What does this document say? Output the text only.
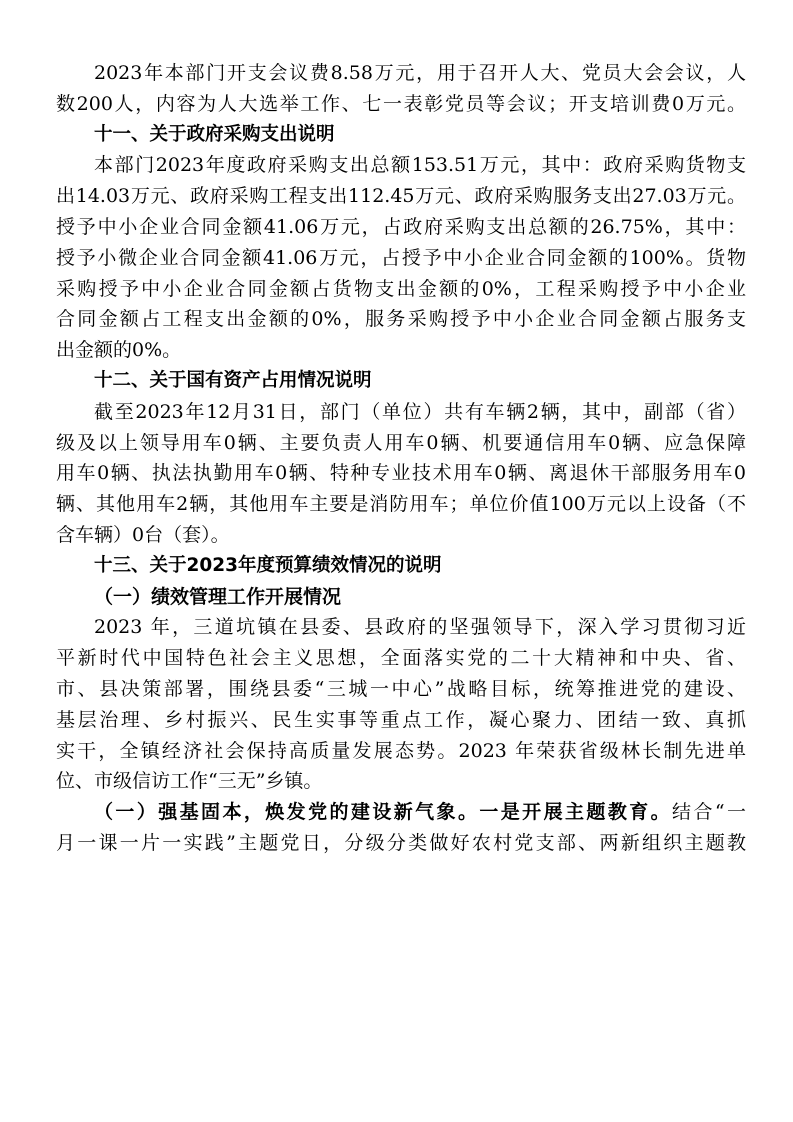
2023年本部门开支会议费8.58万元，用于召开人大、党员大会会议，人
数200人，内容为人大选举工作、七一表彰党员等会议；开支培训费0万元。
十一、关于政府采购支出说明
本部门2023年度政府采购支出总额153.51万元，其中：政府采购货物支
出14.03万元、政府采购工程支出112.45万元、政府采购服务支出27.03万元。
授予中小企业合同金额41.06万元，占政府采购支出总额的26.75%，其中：
授予小微企业合同金额41.06万元，占授予中小企业合同金额的100%。货物
采购授予中小企业合同金额占货物支出金额的0%，工程采购授予中小企业
合同金额占工程支出金额的0%，服务采购授予中小企业合同金额占服务支
出金额的0%。
十二、关于国有资产占用情况说明
截至2023年12月31日，部门（单位）共有车辆2辆，其中，副部（省）
级及以上领导用车0辆、主要负责人用车0辆、机要通信用车0辆、应急保障
用车0辆、执法执勤用车0辆、特种专业技术用车0辆、离退休干部服务用车0
辆、其他用车2辆，其他用车主要是消防用车；单位价值100万元以上设备（不
含车辆）0台（套）。
十三、关于2023年度预算绩效情况的说明
（一）绩效管理工作开展情况
2023 年，三道坑镇在县委、县政府的坚强领导下，深入学习贯彻习近
平新时代中国特色社会主义思想，全面落实党的二十大精神和中央、省、
市、县决策部署，围绕县委“三城一中心”战略目标，统筹推进党的建设、
基层治理、乡村振兴、民生实事等重点工作，凝心聚力、团结一致、真抓
实干，全镇经济社会保持高质量发展态势。2023 年荣获省级林长制先进单
位、市级信访工作“三无”乡镇。
（一）强基固本，焕发党的建设新气象。一是开展主题教育。结合“一
月一课一片一实践”主题党日，分级分类做好农村党支部、两新组织主题教
